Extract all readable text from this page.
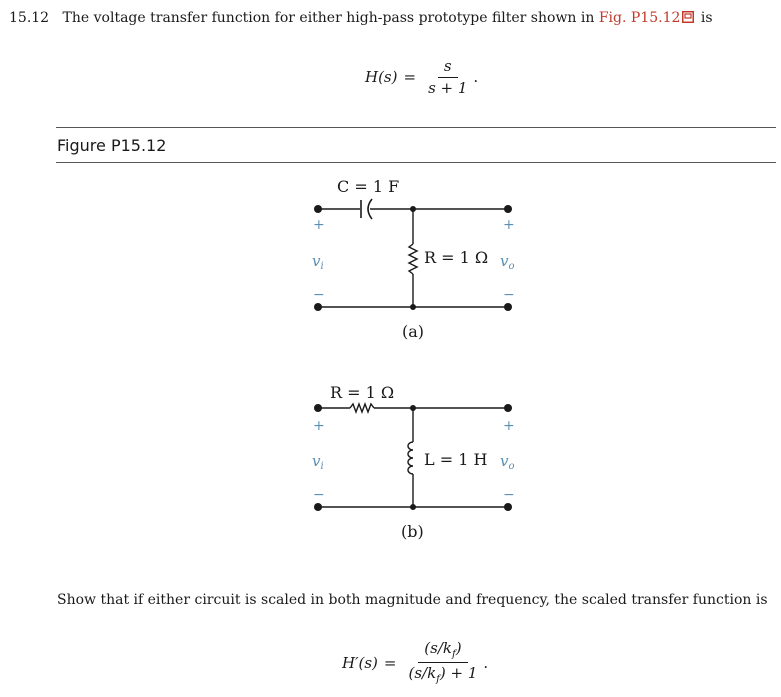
15.12 The voltage transfer function for either high-pass prototype filter shown in Fig. P15.12 is
$H(s) = \frac{s}{s + 1}$ .
Figure P15.12
C = 1 F
R = 1 Ω
+
−
+
−
$v_i$	$v_o$
(a)
R = 1 Ω
L = 1 H
+
−
+
−
$v_i$	$v_o$
(b)
Show that if either circuit is scaled in both magnitude and frequency, the scaled transfer function is
$H'(s) = \frac{(s/k_f)}{(s/k_f) + 1}$ .
